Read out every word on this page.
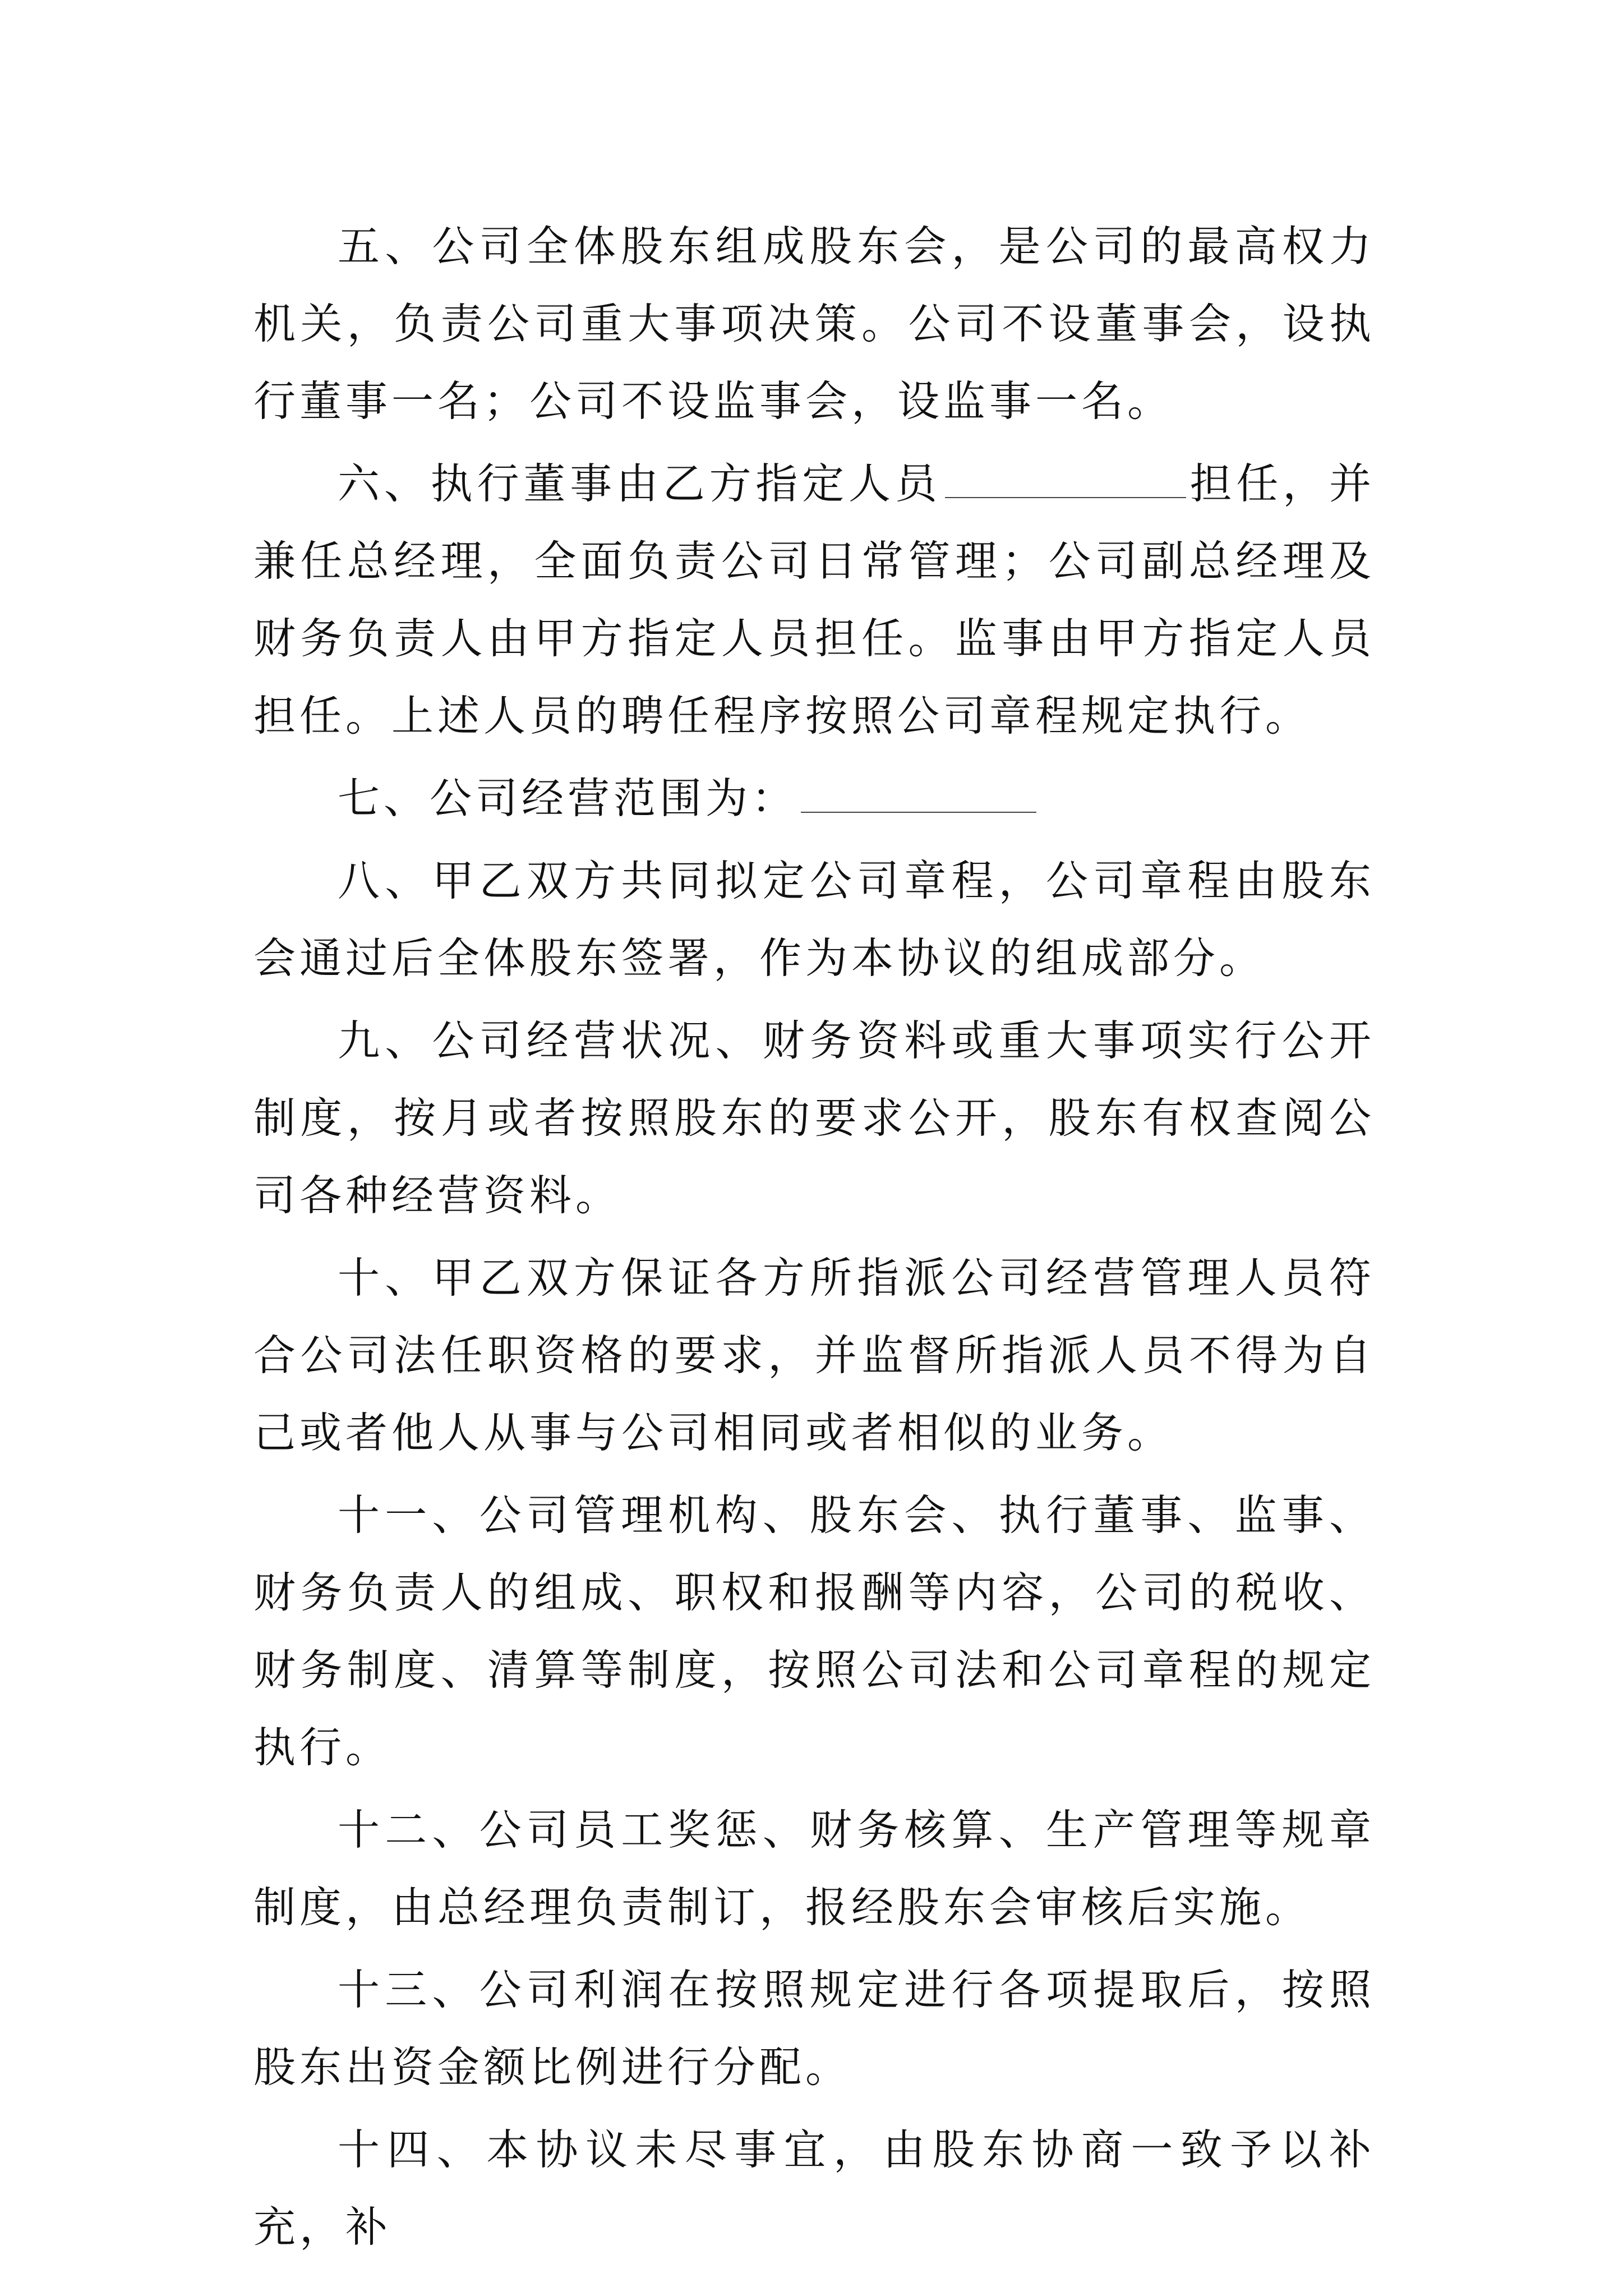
五、公司全体股东组成股东会，是公司的最高权力机关，负责公司重大事项决策。公司不设董事会，设执行董事一名；公司不设监事会，设监事一名。

六、执行董事由乙方指定人员	担任，并兼任总经理，全面负责公司日常管理；公司副总经理及财务负责人由甲方指定人员担任。监事由甲方指定人员担任。上述人员的聘任程序按照公司章程规定执行。

七、公司经营范围为：

八、甲乙双方共同拟定公司章程，公司章程由股东会通过后全体股东签署，作为本协议的组成部分。

九、公司经营状况、财务资料或重大事项实行公开制度，按月或者按照股东的要求公开，股东有权查阅公司各种经营资料。

十、甲乙双方保证各方所指派公司经营管理人员符合公司法任职资格的要求，并监督所指派人员不得为自己或者他人从事与公司相同或者相似的业务。

十一、公司管理机构、股东会、执行董事、监事、财务负责人的组成、职权和报酬等内容，公司的税收、财务制度、清算等制度，按照公司法和公司章程的规定执行。

十二、公司员工奖惩、财务核算、生产管理等规章制度，由总经理负责制订，报经股东会审核后实施。

十三、公司利润在按照规定进行各项提取后，按照股东出资金额比例进行分配。

十四、本协议未尽事宜，由股东协商一致予以补充，补
